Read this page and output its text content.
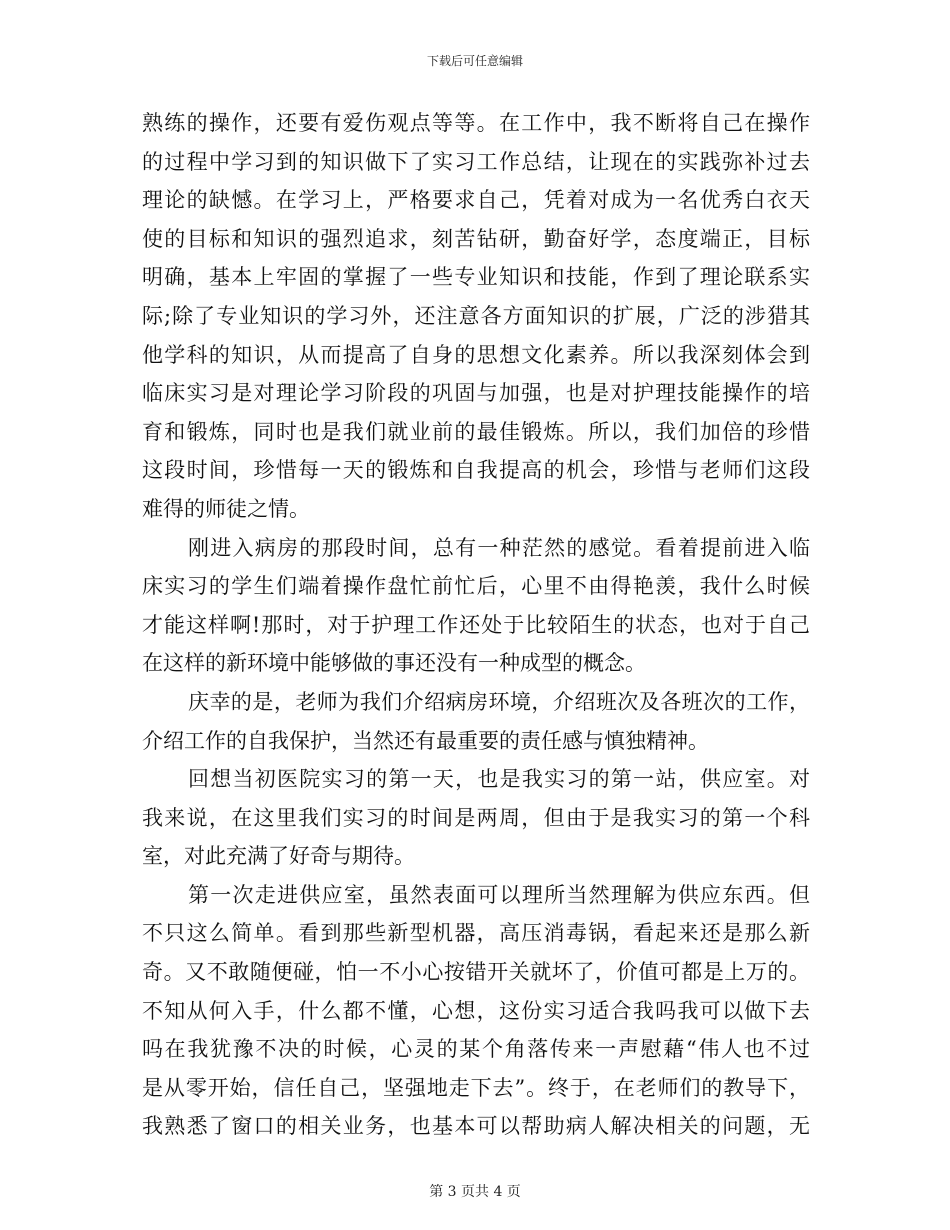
下载后可任意编辑
熟练的操作，还要有爱伤观点等等。在工作中，我不断将自己在操作
的过程中学习到的知识做下了实习工作总结，让现在的实践弥补过去
理论的缺憾。在学习上，严格要求自己，凭着对成为一名优秀白衣天
使的目标和知识的强烈追求，刻苦钻研，勤奋好学，态度端正，目标
明确，基本上牢固的掌握了一些专业知识和技能，作到了理论联系实
际;除了专业知识的学习外，还注意各方面知识的扩展，广泛的涉猎其
他学科的知识，从而提高了自身的思想文化素养。所以我深刻体会到
临床实习是对理论学习阶段的巩固与加强，也是对护理技能操作的培
育和锻炼，同时也是我们就业前的最佳锻炼。所以，我们加倍的珍惜
这段时间，珍惜每一天的锻炼和自我提高的机会，珍惜与老师们这段
难得的师徒之情。
刚进入病房的那段时间，总有一种茫然的感觉。看着提前进入临
床实习的学生们端着操作盘忙前忙后，心里不由得艳羡，我什么时候
才能这样啊!那时，对于护理工作还处于比较陌生的状态，也对于自己
在这样的新环境中能够做的事还没有一种成型的概念。
庆幸的是，老师为我们介绍病房环境，介绍班次及各班次的工作，
介绍工作的自我保护，当然还有最重要的责任感与慎独精神。
回想当初医院实习的第一天，也是我实习的第一站，供应室。对
我来说，在这里我们实习的时间是两周，但由于是我实习的第一个科
室，对此充满了好奇与期待。
第一次走进供应室，虽然表面可以理所当然理解为供应东西。但
不只这么简单。看到那些新型机器，高压消毒锅，看起来还是那么新
奇。又不敢随便碰，怕一不小心按错开关就坏了，价值可都是上万的。
不知从何入手，什么都不懂，心想，这份实习适合我吗我可以做下去
吗在我犹豫不决的时候，心灵的某个角落传来一声慰藉“伟人也不过
是从零开始，信任自己，坚强地走下去”。终于，在老师们的教导下，
我熟悉了窗口的相关业务，也基本可以帮助病人解决相关的问题，无
第 3 页共 4 页
